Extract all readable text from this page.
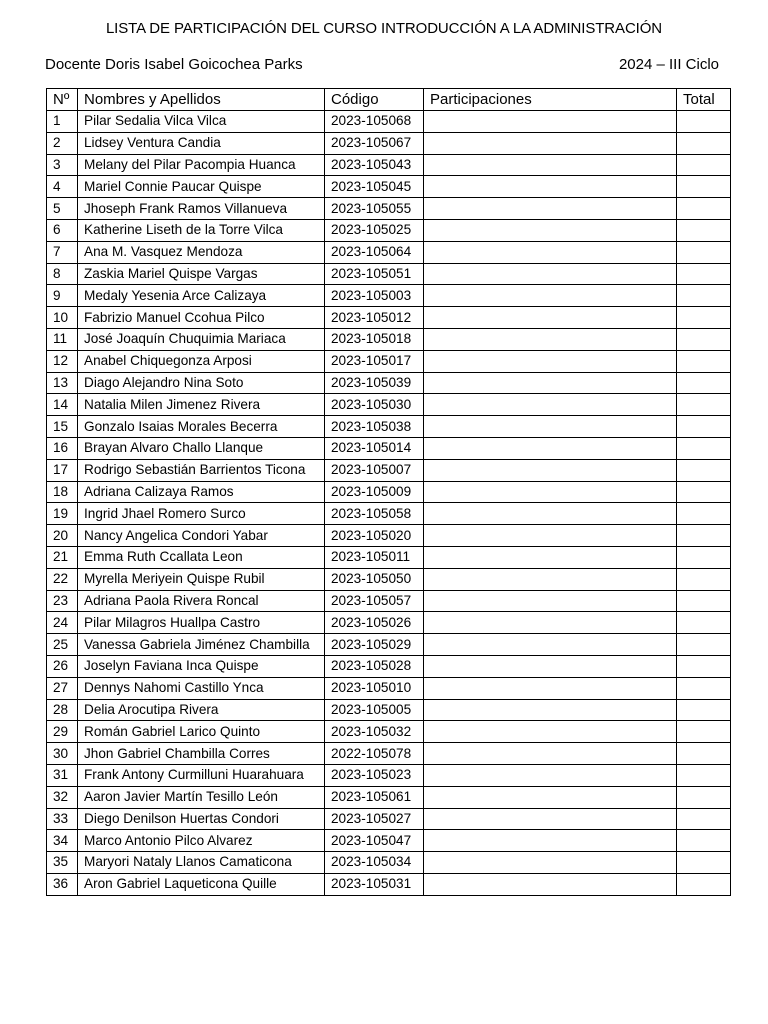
LISTA DE PARTICIPACIÓN DEL CURSO INTRODUCCIÓN A LA ADMINISTRACIÓN
Docente Doris Isabel Goicochea Parks	2024 – III Ciclo
Nº	Nombres y Apellidos	Código	Participaciones	Total
1	Pilar Sedalia Vilca Vilca	2023-105068		
2	Lidsey Ventura Candia	2023-105067		
3	Melany del Pilar Pacompia Huanca	2023-105043		
4	Mariel Connie Paucar Quispe	2023-105045		
5	Jhoseph Frank Ramos Villanueva	2023-105055		
6	Katherine Liseth de la Torre Vilca	2023-105025		
7	Ana M. Vasquez Mendoza	2023-105064		
8	Zaskia Mariel Quispe Vargas	2023-105051		
9	Medaly Yesenia Arce Calizaya	2023-105003		
10	Fabrizio Manuel Ccohua Pilco	2023-105012		
11	José Joaquín Chuquimia Mariaca	2023-105018		
12	Anabel Chiquegonza Arposi	2023-105017		
13	Diago Alejandro Nina Soto	2023-105039		
14	Natalia Milen Jimenez Rivera	2023-105030		
15	Gonzalo Isaias Morales Becerra	2023-105038		
16	Brayan Alvaro Challo Llanque	2023-105014		
17	Rodrigo Sebastián Barrientos Ticona	2023-105007		
18	Adriana Calizaya Ramos	2023-105009		
19	Ingrid Jhael Romero Surco	2023-105058		
20	Nancy Angelica Condori Yabar	2023-105020		
21	Emma Ruth Ccallata Leon	2023-105011		
22	Myrella Meriyein Quispe Rubil	2023-105050		
23	Adriana Paola Rivera Roncal	2023-105057		
24	Pilar Milagros Huallpa Castro	2023-105026		
25	Vanessa Gabriela Jiménez Chambilla	2023-105029		
26	Joselyn Faviana Inca Quispe	2023-105028		
27	Dennys Nahomi Castillo Ynca	2023-105010		
28	Delia Arocutipa Rivera	2023-105005		
29	Román Gabriel Larico Quinto	2023-105032		
30	Jhon Gabriel Chambilla Corres	2022-105078		
31	Frank Antony Curmilluni Huarahuara	2023-105023		
32	Aaron Javier Martín Tesillo León	2023-105061		
33	Diego Denilson Huertas Condori	2023-105027		
34	Marco Antonio Pilco Alvarez	2023-105047		
35	Maryori Nataly Llanos Camaticona	2023-105034		
36	Aron Gabriel Laqueticona Quille	2023-105031		
